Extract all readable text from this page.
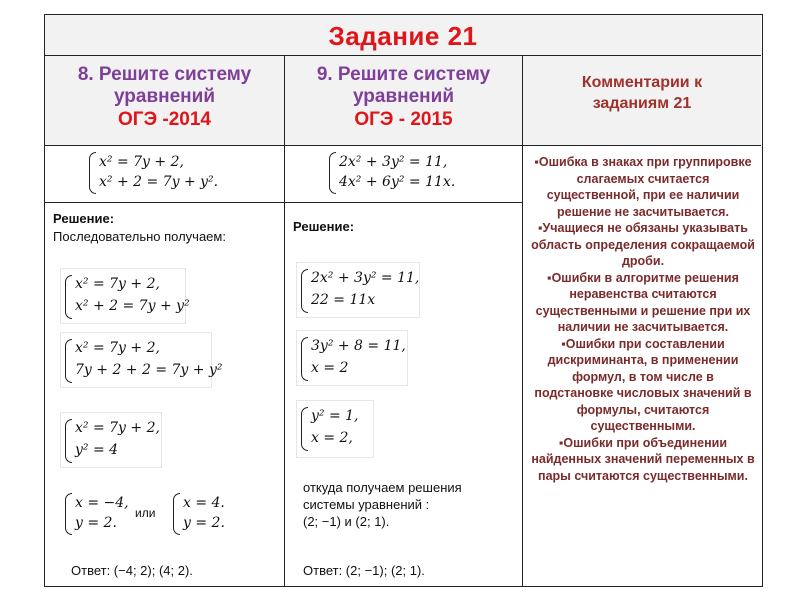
Задание 21
8. Решите систему
уравнений
ОГЭ -2014
9. Решите систему
уравнений
ОГЭ - 2015
Комментарии к
заданиям 21
x² = 7y + 2,
x² + 2 = 7y + y².
2x² + 3y² = 11,
4x² + 6y² = 11x.

▪Ошибка в знаках при группировке слагаемых считается существенной, при ее наличии решение не засчитывается.

▪Учащиеся не обязаны указывать область определения сокращаемой дроби.

▪Ошибки в алгоритме решения неравенства считаются существенными и решение при их наличии не засчитывается.

▪Ошибки при составлении дискриминанта, в применении формул, в том числе в подстановке числовых значений в формулы, считаются существенными.

▪Ошибки при объединении найденных значений переменных в пары считаются существенными.

Решение:
Последовательно получаем:
x² = 7y + 2,
x² + 2 = 7y + y²
x² = 7y + 2,
7y + 2 + 2 = 7y + y²
x² = 7y + 2,
y² = 4
x = −4,
y = 2.
или
x = 4.
y = 2.
Ответ: (−4; 2); (4; 2).
Решение:
2x² + 3y² = 11,
22 = 11x
3y² + 8 = 11,
x = 2
y² = 1,
x = 2,
откуда получаем решения
системы уравнений :
(2; −1) и (2; 1).
Ответ: (2; −1); (2; 1).
